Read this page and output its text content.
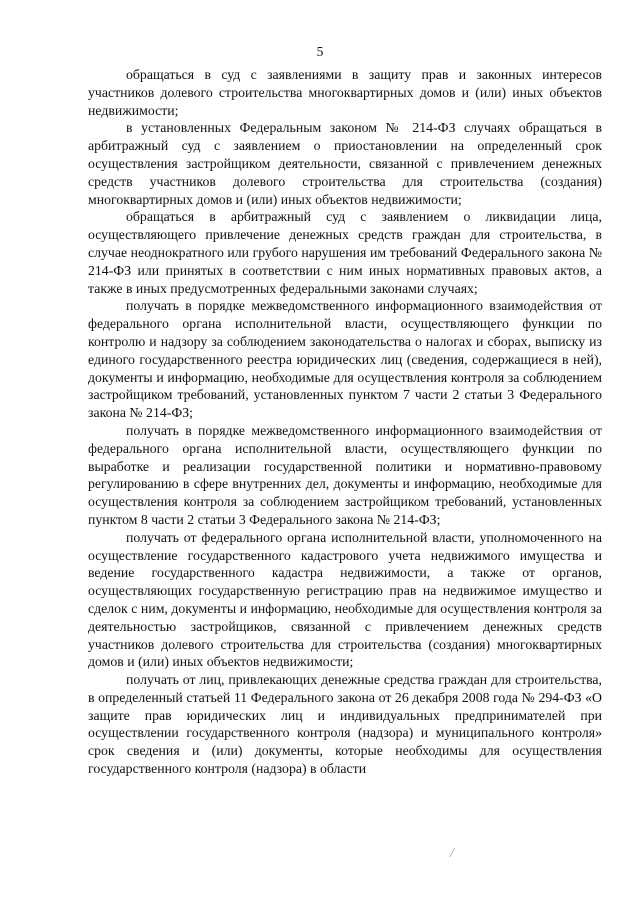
5

обращаться в суд с заявлениями в защиту прав и законных интересов участников долевого строительства многоквартирных домов и (или) иных объектов недвижимости;

в установленных Федеральным законом № 214-ФЗ случаях обращаться в арбитражный суд с заявлением о приостановлении на определенный срок осуществления застройщиком деятельности, связанной с привлечением денежных средств участников долевого строительства для строительства (создания) многоквартирных домов и (или) иных объектов недвижимости;

обращаться в арбитражный суд с заявлением о ликвидации лица, осуществляющего привлечение денежных средств граждан для строительства, в случае неоднократного или грубого нарушения им требований Федерального закона № 214-ФЗ или принятых в соответствии с ним иных нормативных правовых актов, а также в иных предусмотренных федеральными законами случаях;

получать в порядке межведомственного информационного взаимодействия от федерального органа исполнительной власти, осуществляющего функции по контролю и надзору за соблюдением законодательства о налогах и сборах, выписку из единого государственного реестра юридических лиц (сведения, содержащиеся в ней), документы и информацию, необходимые для осуществления контроля за соблюдением застройщиком требований, установленных пунктом 7 части 2 статьи 3 Федерального закона № 214-ФЗ;

получать в порядке межведомственного информационного взаимодействия от федерального органа исполнительной власти, осуществляющего функции по выработке и реализации государственной политики и нормативно-правовому регулированию в сфере внутренних дел, документы и информацию, необходимые для осуществления контроля за соблюдением застройщиком требований, установленных пунктом 8 части 2 статьи 3 Федерального закона № 214-ФЗ;

получать от федерального органа исполнительной власти, уполномоченного на осуществление государственного кадастрового учета недвижимого имущества и ведение государственного кадастра недвижимости, а также от органов, осуществляющих государственную регистрацию прав на недвижимое имущество и сделок с ним, документы и информацию, необходимые для осуществления контроля за деятельностью застройщиков, связанной с привлечением денежных средств участников долевого строительства для строительства (создания) многоквартирных домов и (или) иных объектов недвижимости;

получать от лиц, привлекающих денежные средства граждан для строительства, в определенный статьей 11 Федерального закона от 26 декабря 2008 года № 294-ФЗ «О защите прав юридических лиц и индивидуальных предпринимателей при осуществлении государственного контроля (надзора) и муниципального контроля» срок сведения и (или) документы, которые необходимы для осуществления государственного контроля (надзора) в области

/
